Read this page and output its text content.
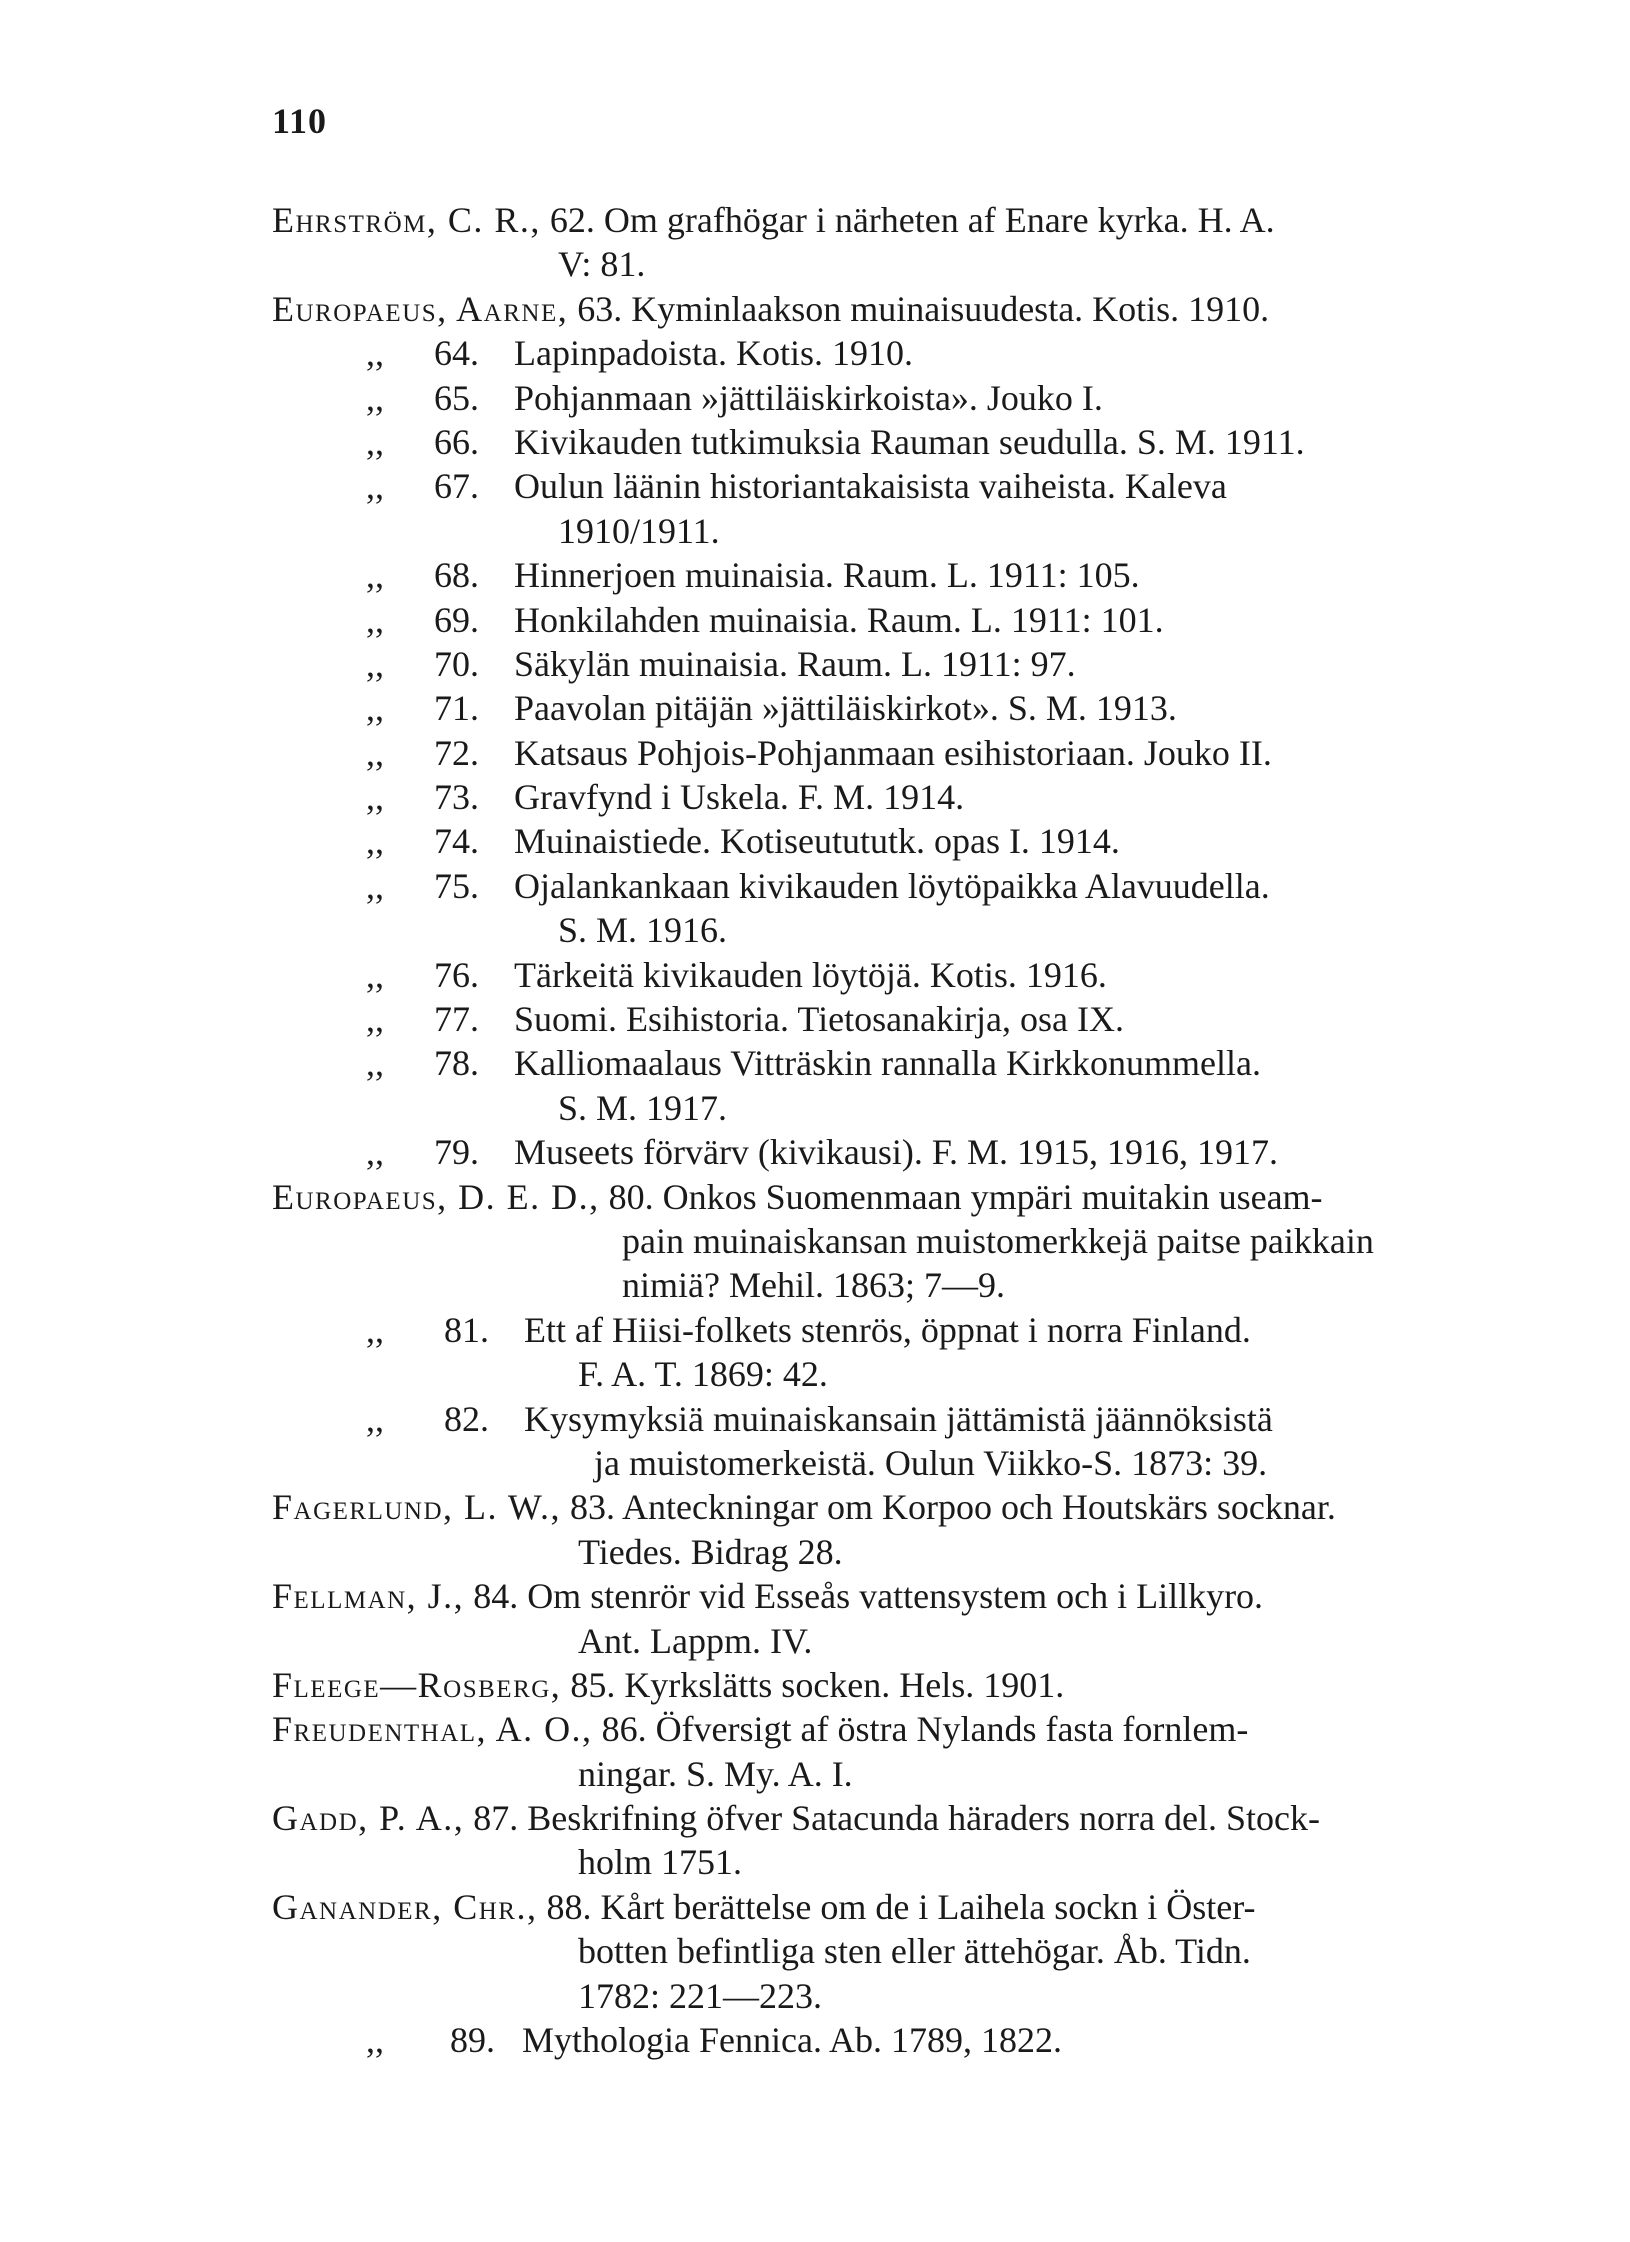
110
Ehrström, C. R., 62. Om grafhögar i närheten af Enare kyrka. H. A.
V: 81.
Europaeus, Aarne, 63. Kyminlaakson muinaisuudesta. Kotis. 1910.
,,	64. Lapinpadoista. Kotis. 1910.
,,	65. Pohjanmaan »jättiläiskirkoista». Jouko I.
,,	66. Kivikauden tutkimuksia Rauman seudulla. S. M. 1911.
,,	67. Oulun läänin historiantakaisista vaiheista. Kaleva
1910/1911.
,,	68. Hinnerjoen muinaisia. Raum. L. 1911: 105.
,,	69. Honkilahden muinaisia. Raum. L. 1911: 101.
,,	70. Säkylän muinaisia. Raum. L. 1911: 97.
,,	71. Paavolan pitäjän »jättiläiskirkot». S. M. 1913.
,,	72. Katsaus Pohjois-Pohjanmaan esihistoriaan. Jouko II.
,,	73. Gravfynd i Uskela. F. M. 1914.
,,	74. Muinaistiede. Kotiseutututk. opas I. 1914.
,,	75. Ojalankankaan kivikauden löytöpaikka Alavuudella.
S. M. 1916.
,,	76. Tärkeitä kivikauden löytöjä. Kotis. 1916.
,,	77. Suomi. Esihistoria. Tietosanakirja, osa IX.
,,	78. Kalliomaalaus Vitträskin rannalla Kirkkonummella.
S. M. 1917.
,,	79. Museets förvärv (kivikausi). F. M. 1915, 1916, 1917.
Europaeus, D. E. D., 80. Onkos Suomenmaan ympäri muitakin useam-
pain muinaiskansan muistomerkkejä paitse paikkain
nimiä? Mehil. 1863; 7—9.
,,	81. Ett af Hiisi-folkets stenrös, öppnat i norra Finland.
F. A. T. 1869: 42.
,,	82. Kysymyksiä muinaiskansain jättämistä jäännöksistä
ja muistomerkeistä. Oulun Viikko-S. 1873: 39.
Fagerlund, L. W., 83. Anteckningar om Korpoo och Houtskärs socknar.
Tiedes. Bidrag 28.
Fellman, J., 84. Om stenrör vid Esseås vattensystem och i Lillkyro.
Ant. Lappm. IV.
Fleege—Rosberg, 85. Kyrkslätts socken. Hels. 1901.
Freudenthal, A. O., 86. Öfversigt af östra Nylands fasta fornlem-
ningar. S. My. A. I.
Gadd, P. A., 87. Beskrifning öfver Satacunda häraders norra del. Stock-
holm 1751.
Ganander, Chr., 88. Kårt berättelse om de i Laihela sockn i Öster-
botten befintliga sten eller ättehögar. Åb. Tidn.
1782: 221—223.
,,	89. Mythologia Fennica. Ab. 1789, 1822.
